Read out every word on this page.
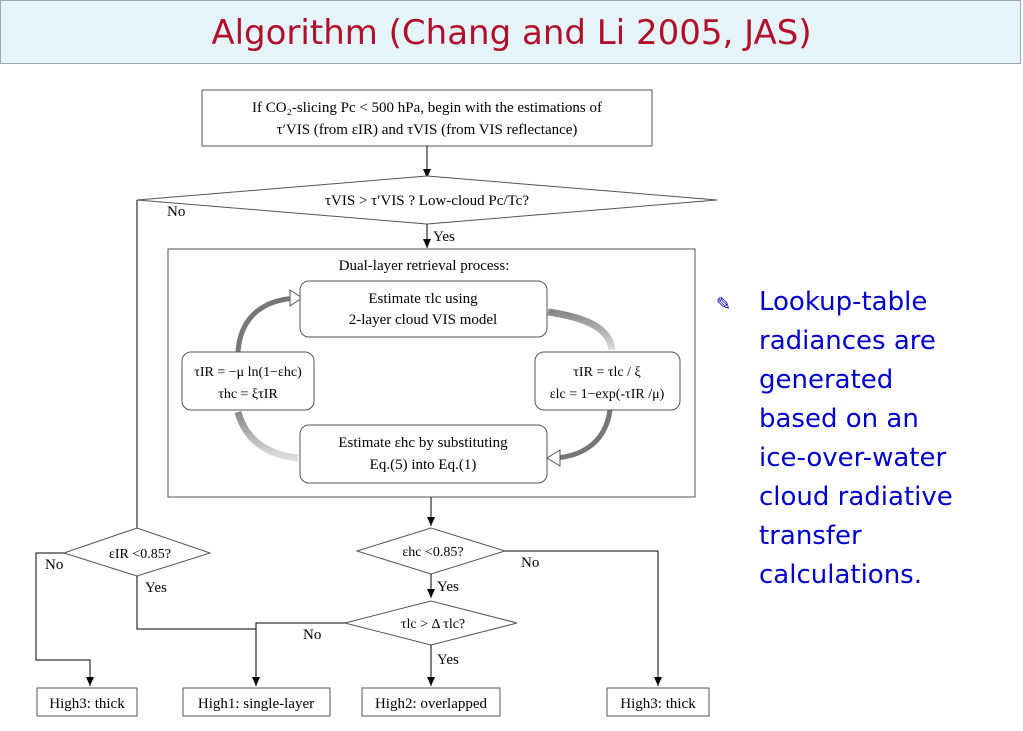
Algorithm (Chang and Li 2005, JAS)
If CO₂-slicing Pc < 500 hPa, begin with the estimations of
τ′VIS (from εIR) and τVIS (from VIS reflectance)
τVIS > τ′VIS ? Low-cloud Pc/Tc?
No
Yes
Dual-layer retrieval process:
Estimate τlc using
2-layer cloud VIS model
τIR = −μ ln(1−εhc)
τhc = ξτIR
τIR = τlc / ξ
εlc = 1−exp(-τIR /μ)
Estimate εhc by substituting
Eq.(5) into Eq.(1)
εIR <0.85?
No
Yes
εhc <0.85?
No
Yes
τlc > Δ τlc?
No
Yes
High3: thick	High1: single-layer	High2: overlapped	High3: thick
✎ Lookup-table
radiances are
generated
based on an
ice-over-water
cloud radiative
transfer
calculations.
